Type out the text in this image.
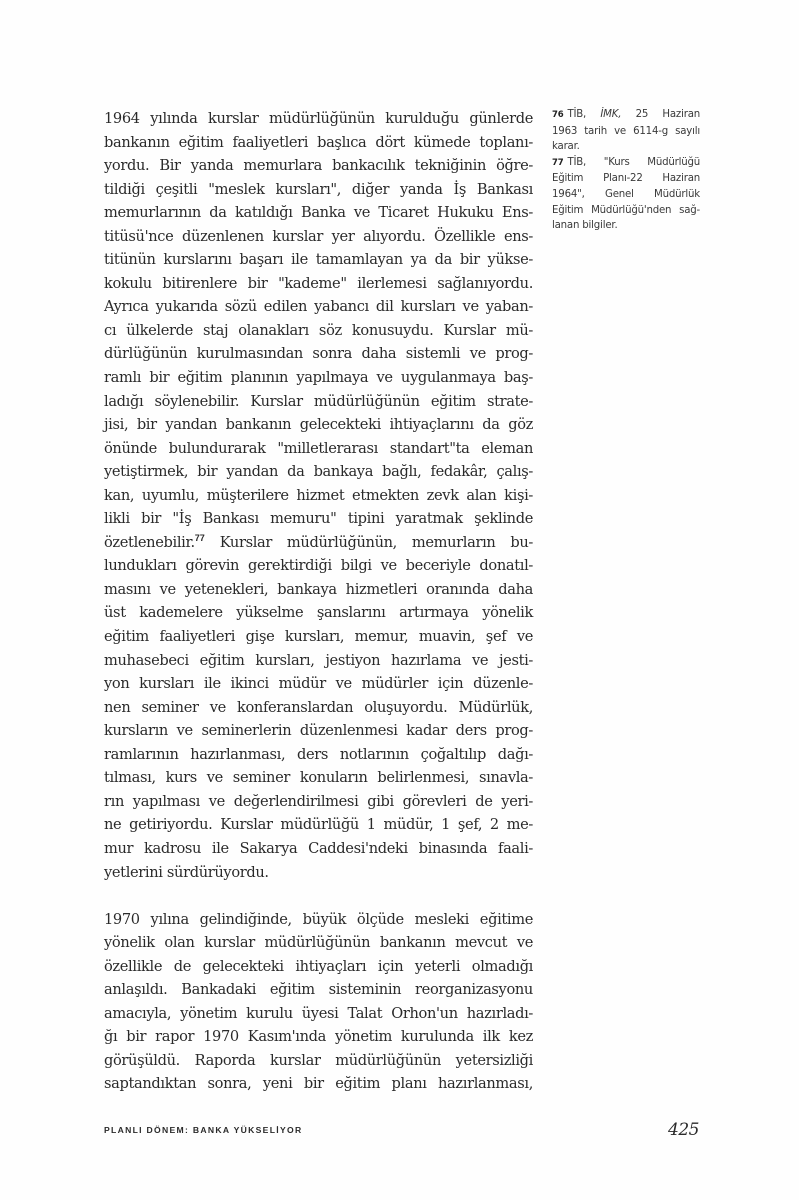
1964 yılında kurslar müdürlüğünün kurulduğu günlerde
bankanın eğitim faaliyetleri başlıca dört kümede toplanı-
yordu. Bir yanda memurlara bankacılık tekniğinin öğre-
tildiği çeşitli "meslek kursları", diğer yanda İş Bankası
memurlarının da katıldığı Banka ve Ticaret Hukuku Ens-
titüsü'nce düzenlenen kurslar yer alıyordu. Özellikle ens-
titünün kurslarını başarı ile tamamlayan ya da bir yükse-
kokulu bitirenlere bir "kademe" ilerlemesi sağlanıyordu.
Ayrıca yukarıda sözü edilen yabancı dil kursları ve yaban-
cı ülkelerde staj olanakları söz konusuydu. Kurslar mü-
dürlüğünün kurulmasından sonra daha sistemli ve prog-
ramlı bir eğitim planının yapılmaya ve uygulanmaya baş-
ladığı söylenebilir. Kurslar müdürlüğünün eğitim strate-
jisi, bir yandan bankanın gelecekteki ihtiyaçlarını da göz
önünde bulundurarak "milletlerarası standart"ta eleman
yetiştirmek, bir yandan da bankaya bağlı, fedakâr, çalış-
kan, uyumlu, müşterilere hizmet etmekten zevk alan kişi-
likli bir "İş Bankası memuru" tipini yaratmak şeklinde
özetlenebilir.$^{77}$ Kurslar müdürlüğünün, memurların bu-
lundukları görevin gerektirdiği bilgi ve beceriyle donatıl-
masını ve yetenekleri, bankaya hizmetleri oranında daha
üst kademelere yükselme şanslarını artırmaya yönelik
eğitim faaliyetleri gişe kursları, memur, muavin, şef ve
muhasebeci eğitim kursları, jestiyon hazırlama ve jesti-
yon kursları ile ikinci müdür ve müdürler için düzenle-
nen seminer ve konferanslardan oluşuyordu. Müdürlük,
kursların ve seminerlerin düzenlenmesi kadar ders prog-
ramlarının hazırlanması, ders notlarının çoğaltılıp dağı-
tılması, kurs ve seminer konuların belirlenmesi, sınavla-
rın yapılması ve değerlendirilmesi gibi görevleri de yeri-
ne getiriyordu. Kurslar müdürlüğü 1 müdür, 1 şef, 2 me-
mur kadrosu ile Sakarya Caddesi'ndeki binasında faali-
yetlerini sürdürüyordu.
1970 yılına gelindiğinde, büyük ölçüde mesleki eğitime
yönelik olan kurslar müdürlüğünün bankanın mevcut ve
özellikle de gelecekteki ihtiyaçları için yeterli olmadığı
anlaşıldı. Bankadaki eğitim sisteminin reorganizasyonu
amacıyla, yönetim kurulu üyesi Talat Orhon'un hazırladı-
ğı bir rapor 1970 Kasım'ında yönetim kurulunda ilk kez
görüşüldü. Raporda kurslar müdürlüğünün yetersizliği
saptandıktan sonra, yeni bir eğitim planı hazırlanması,
76 TİB, İMK, 25 Haziran
1963 tarih ve 6114-g sayılı
karar.
77 TİB, "Kurs Müdürlüğü
Eğitim Planı-22 Haziran
1964", Genel Müdürlük
Eğitim Müdürlüğü'nden sağ-
lanan bilgiler.
PLANLI DÖNEM: BANKA YÜKSELİYOR	425
